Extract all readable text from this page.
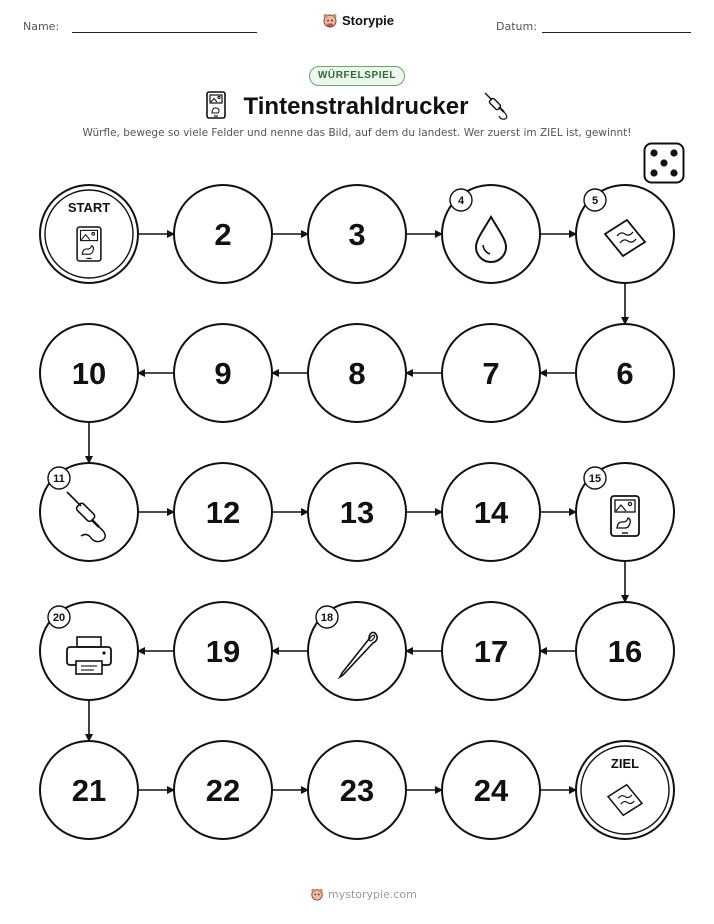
Name:	Storypie	Datum:
WÜRFELSPIEL
Tintenstrahldrucker
Würfle, bewege so viele Felder und nenne das Bild, auf dem du landest. Wer zuerst im ZIEL ist, gewinnt!
START
2	3
4	5
6
7
8
9
10
11
12	13	14
15
16
17
18
19
20
21	22	23	24
ZIEL
mystorypie.com
